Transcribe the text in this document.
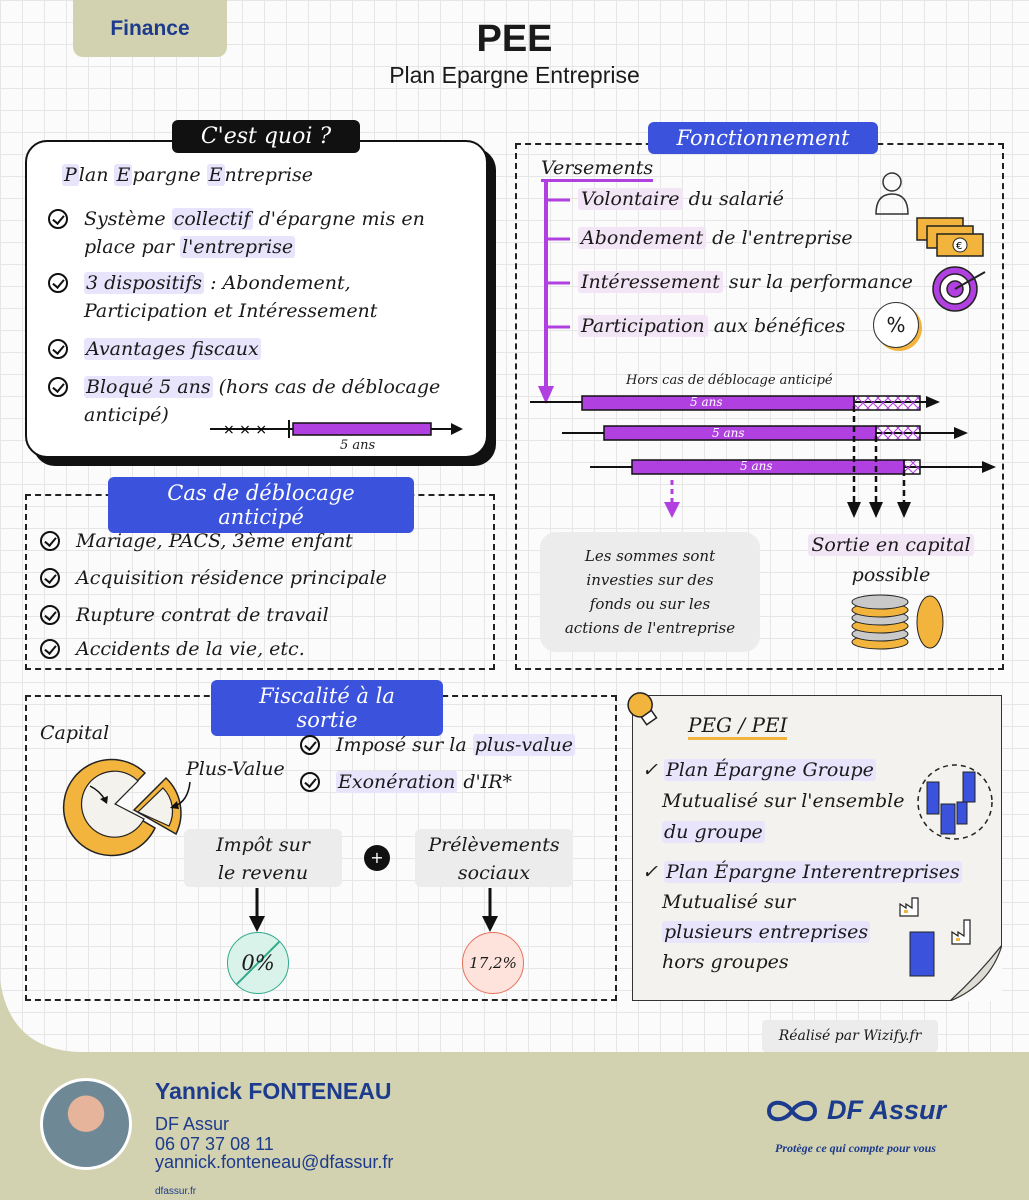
Finance	PEE
Plan Epargne Entreprise
C'est quoi ?
P lan E pargne E ntreprise
Système collectif d'épargne mis en
place par l'entreprise
3 dispositifs : Abondement,
Participation et Intéressement
Avantages fiscaux
Bloqué 5 ans (hors cas de déblocage
anticipé)
× × ×
5 ans
Cas de déblocage anticipé
Mariage, PACS, 3ème enfant
Acquisition résidence principale
Rupture contrat de travail
Accidents de la vie, etc.
Fonctionnement
Versements
Volontaire du salarié
Abondement de l'entreprise
Intéressement sur la performance
Participation aux bénéfices
€
%
Hors cas de déblocage anticipé
5 ans
5 ans
5 ans
Les sommes sont
investies sur des
fonds ou sur les
actions de l'entreprise
Sortie en capital
possible
Fiscalité à la sortie
Capital
Plus-Value
Imposé sur la plus-value
Exonération d'IR*
Impôt sur
le revenu
+
Prélèvements
sociaux
0%	17,2%
PEG / PEI
✓ Plan Épargne Groupe
Mutualisé sur l'ensemble
du groupe
✓ Plan Épargne Interentreprises
Mutualisé sur
plusieurs entreprises
hors groupes
Réalisé par Wizify.fr
Yannick FONTENEAU
DF Assur
06 07 37 08 11
yannick.fonteneau@dfassur.fr
dfassur.fr
DF Assur
Protège ce qui compte pour vous
